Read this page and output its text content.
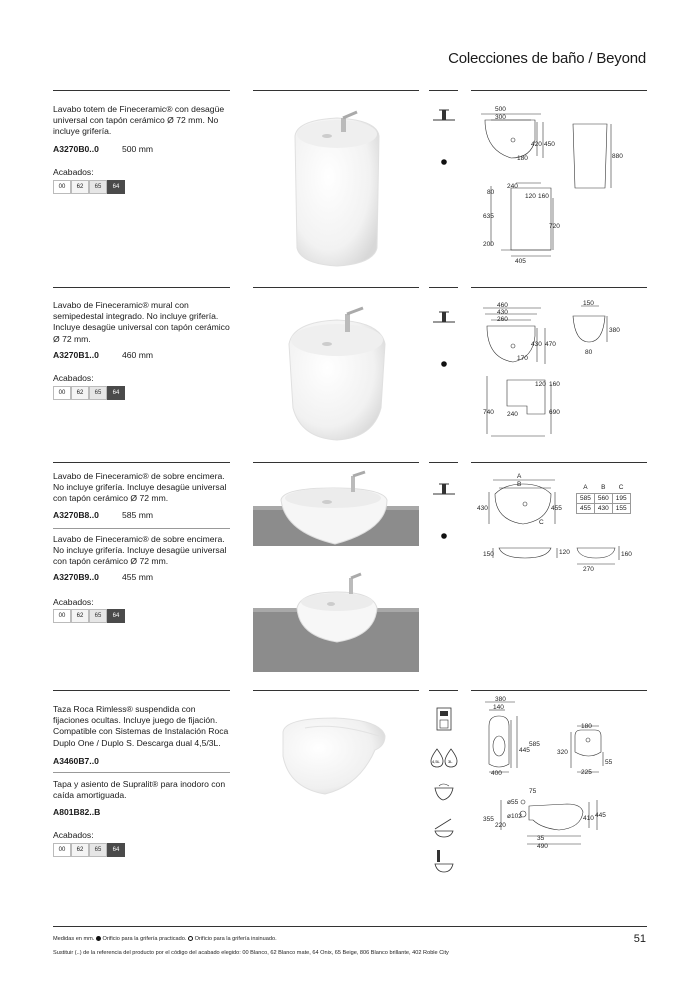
Colecciones de baño / Beyond
Lavabo totem de Fineceramic® con desagüe universal con tapón cerámico Ø 72 mm. No incluye grifería.
A3270B0..0	500 mm
Acabados:
00	62	65	64

500
300
420 450
180	880
240
80
120 160
635
720
200
405
Lavabo de Fineceramic® mural con semipedestal integrado. No incluye grifería. Incluye desagüe universal con tapón cerámico Ø 72 mm.
A3270B1..0	460 mm
Acabados:
00	62	65	64

460
430
260
430 470
170
150
380
80
120 160
740 240	690
Lavabo de Fineceramic® de sobre encimera. No incluye grifería. Incluye desagüe universal con tapón cerámico Ø 72 mm.
A3270B8..0	585 mm
Lavabo de Fineceramic® de sobre encimera. No incluye grifería. Incluye desagüe universal con tapón cerámico Ø 72 mm.
A3270B9..0	455 mm
Acabados:
00	62	65	64

A
B
C
430	455
150	120	160
270
A	B	C
585	560	195
455	430	155
Taza Roca Rimless® suspendida con fijaciones ocultas. Incluye juego de fijación. Compatible con Sistemas de Instalación Roca Duplo One / Duplo S. Descarga dual 4,5/3L.
A3460B7..0
Tapa y asiento de Supralit® para inodoro con caída amortiguada.
A801B82..B
Acabados:
00	62	65	64

4,5L 3L

380
140
445
585
400
180
320
225
55
75
ø55
ø102
355
220
410 445
35
490
Medidas en mm. Orificio para la grifería practicado. Orificio para la grifería insinuado.
Sustituir (..) de la referencia del producto por el código del acabado elegido: 00 Blanco, 62 Blanco mate, 64 Onix, 65 Beige, 806 Blanco brillante, 402 Roble City
51
